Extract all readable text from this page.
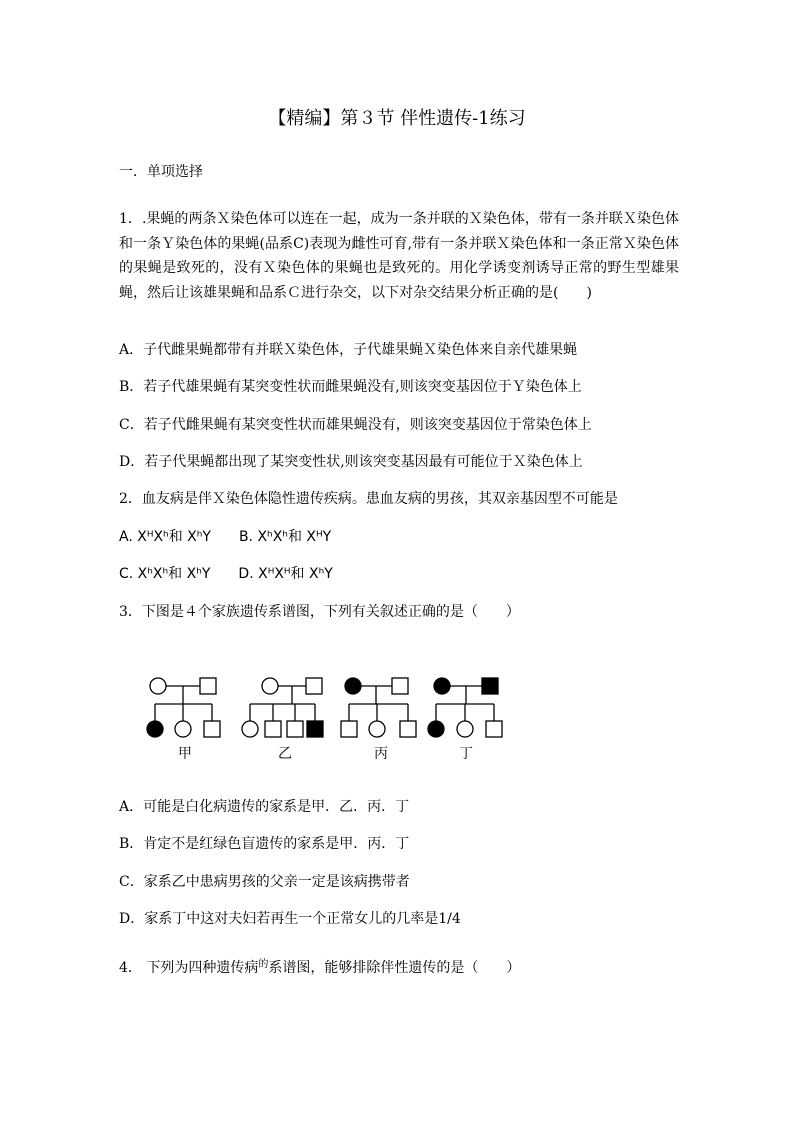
【精编】第３节 伴性遗传-1练习
一．单项选择
1．.果蝇的两条Ｘ染色体可以连在一起，成为一条并联的Ｘ染色体，带有一条并联Ｘ染色体和一条Ｙ染色体的果蝇(品系C)表现为雌性可育,带有一条并联Ｘ染色体和一条正常Ｘ染色体的果蝇是致死的，没有Ｘ染色体的果蝇也是致死的。用化学诱变剂诱导正常的野生型雄果蝇，然后让该雄果蝇和品系Ｃ进行杂交，以下对杂交结果分析正确的是(　　)
A．子代雌果蝇都带有并联Ｘ染色体，子代雄果蝇Ｘ染色体来自亲代雄果蝇
B．若子代雄果蝇有某突变性状而雌果蝇没有,则该突变基因位于Ｙ染色体上
C．若子代雌果蝇有某突变性状而雄果蝇没有，则该突变基因位于常染色体上
D．若子代果蝇都出现了某突变性状,则该突变基因最有可能位于Ｘ染色体上
2．血友病是伴Ｘ染色体隐性遗传疾病。患血友病的男孩，其双亲基因型不可能是
A. XᴴXʰ和 XʰY　　B. XʰXʰ和 XᴴY
C. XʰXʰ和 XʰY　　D. XᴴXᴴ和 XʰY
3．下图是４个家族遗传系谱图，下列有关叙述正确的是（　　）
甲	乙	丙	丁
A．可能是白化病遗传的家系是甲．乙．丙．丁
B．肯定不是红绿色盲遗传的家系是甲．丙．丁
C．家系乙中患病男孩的父亲一定是该病携带者
D．家系丁中这对夫妇若再生一个正常女儿的几率是1/4
4． 下列为四种遗传病$^的$系谱图，能够排除伴性遗传的是（　　）
